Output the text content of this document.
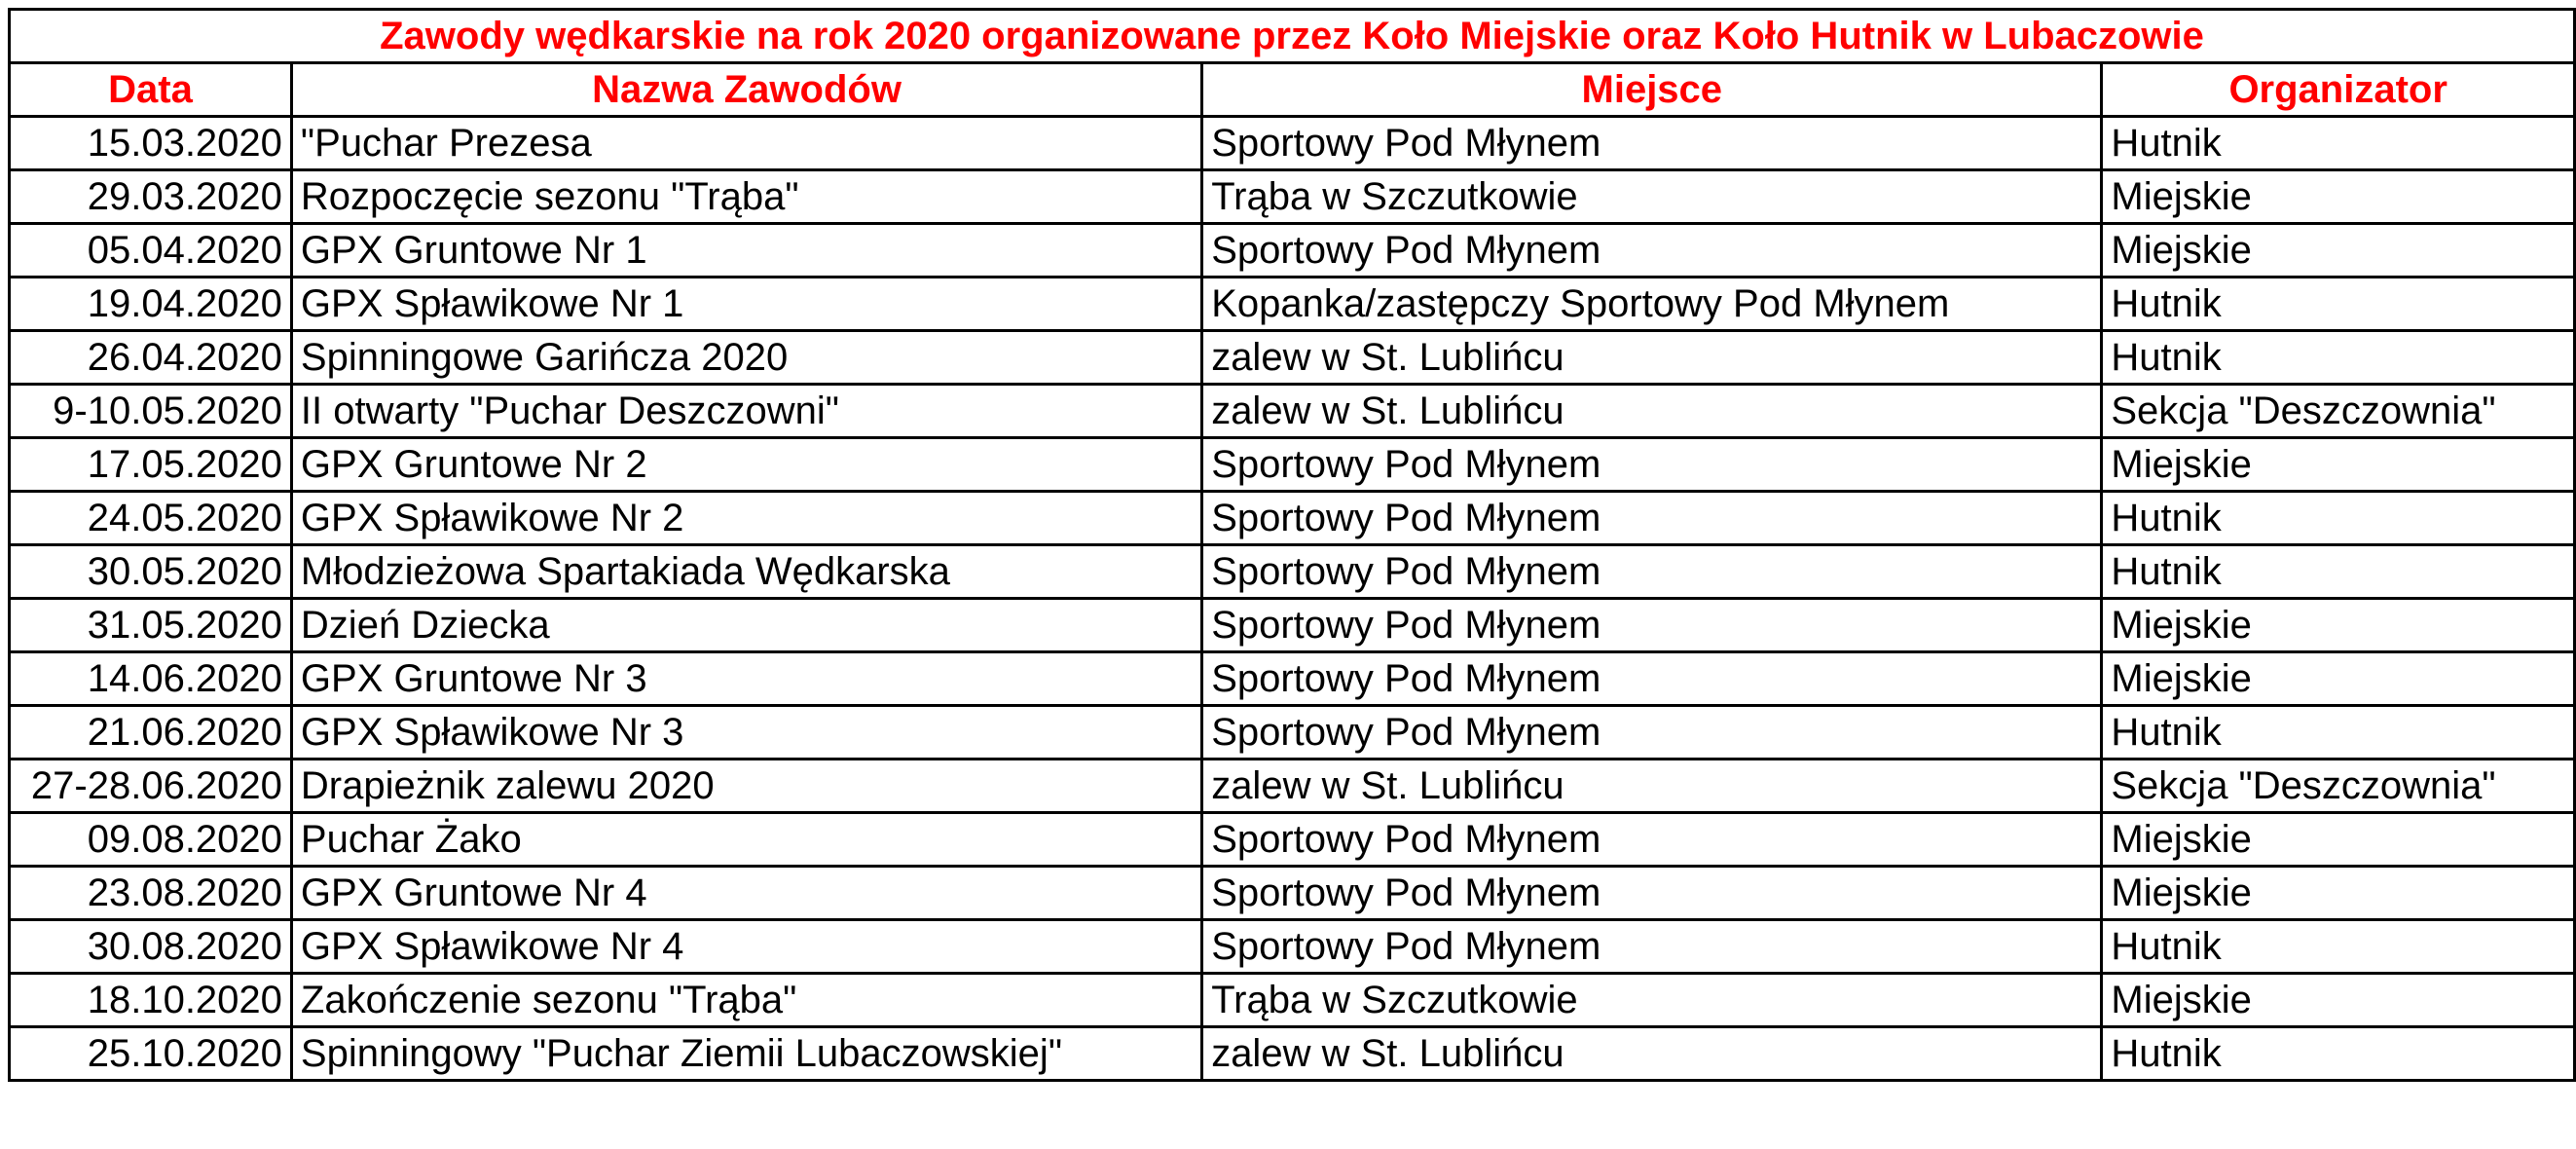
Zawody wędkarskie na rok 2020 organizowane przez Koło Miejskie oraz Koło Hutnik w Lubaczowie			
Data	Nazwa Zawodów	Miejsce	Organizator
15.03.2020	"Puchar Prezesa	Sportowy Pod Młynem	Hutnik
29.03.2020	Rozpoczęcie sezonu "Trąba"	Trąba w Szczutkowie	Miejskie
05.04.2020	GPX Gruntowe Nr 1	Sportowy Pod Młynem	Miejskie
19.04.2020	GPX Spławikowe Nr 1	Kopanka/zastępczy Sportowy Pod Młynem	Hutnik
26.04.2020	Spinningowe Garińcza 2020	zalew w St. Lublińcu	Hutnik
9-10.05.2020	II otwarty "Puchar Deszczowni"	zalew w St. Lublińcu	Sekcja "Deszczownia"
17.05.2020	GPX Gruntowe Nr 2	Sportowy Pod Młynem	Miejskie
24.05.2020	GPX Spławikowe Nr 2	Sportowy Pod Młynem	Hutnik
30.05.2020	Młodzieżowa Spartakiada Wędkarska	Sportowy Pod Młynem	Hutnik
31.05.2020	Dzień Dziecka	Sportowy Pod Młynem	Miejskie
14.06.2020	GPX Gruntowe Nr 3	Sportowy Pod Młynem	Miejskie
21.06.2020	GPX Spławikowe Nr 3	Sportowy Pod Młynem	Hutnik
27-28.06.2020	Drapieżnik zalewu 2020	zalew w St. Lublińcu	Sekcja "Deszczownia"
09.08.2020	Puchar Żako	Sportowy Pod Młynem	Miejskie
23.08.2020	GPX Gruntowe Nr 4	Sportowy Pod Młynem	Miejskie
30.08.2020	GPX Spławikowe Nr 4	Sportowy Pod Młynem	Hutnik
18.10.2020	Zakończenie sezonu "Trąba"	Trąba w Szczutkowie	Miejskie
25.10.2020	Spinningowy "Puchar Ziemii Lubaczowskiej"	zalew w St. Lublińcu	Hutnik
